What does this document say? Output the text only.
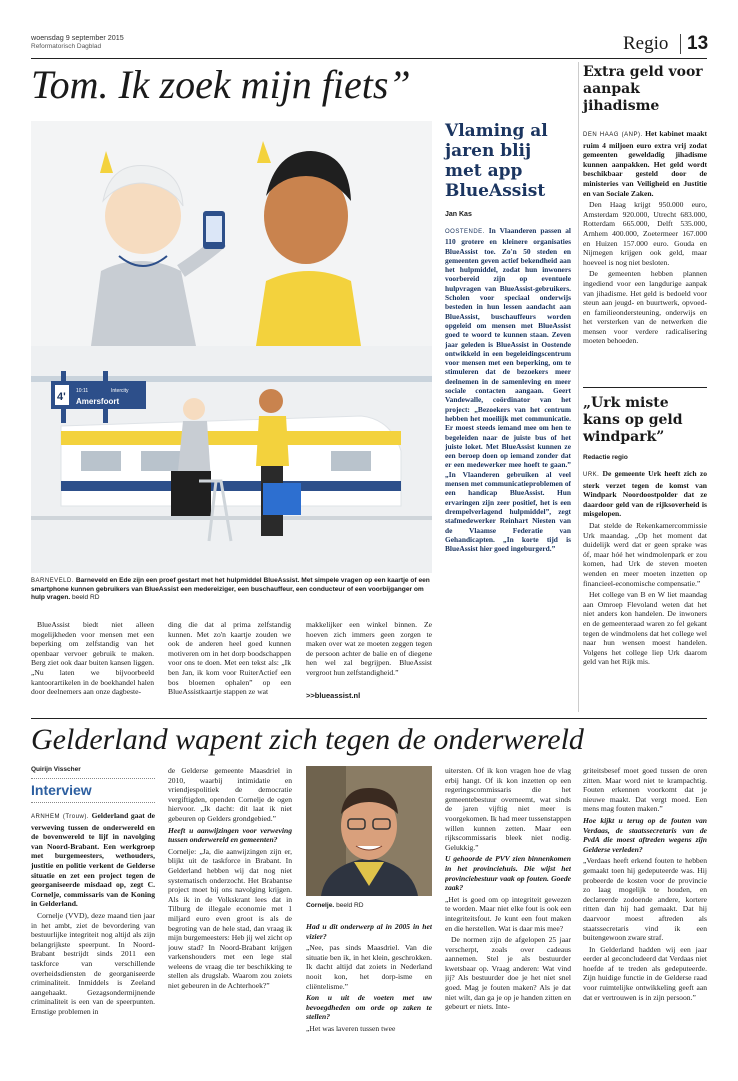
woensdag 9 september 2015
Reformatorisch Dagblad	Regio 13
Tom. Ik zoek mijn fiets”
4' 10:11	Intercity
Amersfoort
BARNEVELD. Barneveld en Ede zijn een proef gestart met het hulpmiddel BlueAssist. Met simpele vragen op een kaartje of een smartphone kunnen gebruikers van BlueAssist een medereiziger, een buschauffeur, een conducteur of een voorbijganger om hulp vragen. beeld RD

BlueAssist biedt niet alleen mogelijkheden voor mensen met een beperking om zelfstandig van het openbaar vervoer gebruik te maken. Berg ziet ook daar buiten kansen liggen. „Nu laten we bijvoorbeeld kantoorartikelen in de boekhandel halen door deelnemers aan onze dagbeste-

ding die dat al prima zelfstandig kunnen. Met zo'n kaartje zouden we ook de anderen heel goed kunnen motiveren om in het dorp boodschappen voor ons te doen. Met een tekst als: „Ik ben Jan, ik kom voor RuiterActief een bos bloemen ophalen” op een BlueAssistkaartje stappen ze wat

makkelijker een winkel binnen. Ze hoeven zich immers geen zorgen te maken over wat ze moeten zeggen tegen de persoon achter de balie en of diegene hen wel zal begrijpen. BlueAssist vergroot hun zelfstandigheid.”

>>blueassist.nl
Vlaming al jaren blij met app BlueAssist
Jan Kas
OOSTENDE. In Vlaanderen passen al 110 grotere en kleinere organisaties BlueAssist toe. Zo'n 50 steden en gemeenten geven actief bekendheid aan het hulpmiddel, zodat hun inwoners voorbereid zijn op eventuele hulpvragen van BlueAssist-gebruikers. Scholen voor speciaal onderwijs besteden in hun lessen aandacht aan BlueAssist, buschauffeurs worden opgeleid om mensen met BlueAssist goed te woord te kunnen staan. Zeven jaar geleden is BlueAssist in Oostende ontwikkeld in een begeleidingscentrum voor mensen met een beperking, om te stimuleren dat de bezoekers meer deelnemen in de samenleving en meer sociale contacten aangaan. Geert Vandewalle, coördinator van het project: „Bezoekers van het centrum hebben het moeilijk met communicatie. Er moest steeds iemand mee om hen te begeleiden naar de juiste bus of het juiste loket. Met BlueAssist kunnen ze een beroep doen op iemand zonder dat er een medewerker mee hoeft te gaan.” „In Vlaanderen gebruiken al veel mensen met communicatieproblemen of een handicap BlueAssist. Hun ervaringen zijn zeer positief, het is een drempelverlagend hulpmiddel”, zegt stafmedewerker Reinhart Niesten van de Vlaamse Federatie van Gehandicapten. „In korte tijd is BlueAssist hier goed ingeburgerd.”
Extra geld voor aanpak jihadisme

DEN HAAG (ANP). Het kabinet maakt ruim 4 miljoen euro extra vrij zodat gemeenten geweldadig jihadisme kunnen aanpakken. Het geld wordt beschikbaar gesteld door de ministeries van Veiligheid en Justitie en van Sociale Zaken.

Den Haag krijgt 950.000 euro, Amsterdam 920.000, Utrecht 683.000, Rotterdam 665.000, Delft 535.000, Arnhem 400.000, Zoetermeer 167.000 en Huizen 157.000 euro. Gouda en Nijmegen krijgen ook geld, maar hoeveel is nog niet besloten.

De gemeenten hebben plannen ingediend voor een langdurige aanpak van jihadisme. Het geld is bedoeld voor steun aan jeugd- en buurtwerk, opvoed- en familieondersteuning, onderwijs en het versterken van de netwerken die mensen voor verdere radicalisering moeten behoeden.

„Urk miste kans op geld windpark”
Redactie regio

URK. De gemeente Urk heeft zich zo sterk verzet tegen de komst van Windpark Noordoostpolder dat ze daardoor geld van de rijksoverheid is misgelopen.

Dat stelde de Rekenkamercommissie Urk maandag. „Op het moment dat duidelijk werd dat er geen sprake was óf, maar hóé het windmolenpark er zou komen, had Urk de steven moeten wenden en meer moeten inzetten op financieel-economische compensatie.”

Het college van B en W liet maandag aan Omroep Flevoland weten dat het niet anders kon handelen. De inwoners en de gemeenteraad waren zo fel gekant tegen de windmolens dat het college wel naar hun wensen moest handelen. Volgens het college liep Urk daarom geld van het Rijk mis.

Gelderland wapent zich tegen de onderwereld
Quirijn Visscher
Interview

ARNHEM (Trouw). Gelderland gaat de verweving tussen de onderwereld en de bovenwereld te lijf in navolging van Noord-Brabant. Een werkgroep met burgemeesters, wethouders, justitie en politie verkent de Gelderse situatie en zet een project tegen de georganiseerde misdaad op, zegt C. Cornelje, commissaris van de Koning in Gelderland.

Cornelje (VVD), deze maand tien jaar in het ambt, ziet de bevordering van bestuurlijke integriteit nog altijd als zijn belangrijkste speerpunt. In Noord-Brabant bestrijdt sinds 2011 een taskforce van verschillende overheidsdiensten de georganiseerde criminaliteit. Inmiddels is Zeeland aangehaakt. Gezagsondermijnende criminaliteit is een van de speerpunten. Ernstige problemen in

de Gelderse gemeente Maasdriel in 2010, waarbij intimidatie en vriendjespolitiek de democratie vergiftigden, openden Cornelje de ogen hiervoor. „Ik dacht: dit laat ik niet gebeuren op Gelders grondgebied.”

Heeft u aanwijzingen voor verweving tussen onderwereld en gemeenten?

Cornelje: „Ja, die aanwijzingen zijn er, blijkt uit de taskforce in Brabant. In Gelderland hebben wij dat nog niet systematisch onderzocht. Het Brabantse project moet bij ons navolging krijgen. Als ik in de Volkskrant lees dat in Tilburg de illegale economie met 1 miljard euro even groot is als de begroting van de hele stad, dan vraag ik mijn burgemeesters: Heb jij wel zicht op jouw stad? In Noord-Brabant krijgen varkenshouders met een lege stal weleens de vraag die ter beschikking te stellen als drugslab. Waarom zou zoiets niet gebeuren in de Achterhoek?”

Cornelje. beeld RD

Had u dit onderwerp al in 2005 in het vizier?

„Nee, pas sinds Maasdriel. Van die situatie ben ik, in het klein, geschrokken. Ik dacht altijd dat zoiets in Nederland nooit kon, het dorp-isme en cliëntelisme.”

Kon u uit de voeten met uw bevoegdheden om orde op zaken te stellen?

„Het was laveren tussen twee

uitersten. Of ik kon vragen hoe de vlag erbij hangt. Of ik kon inzetten op een regeringscommissaris die het gemeentebestuur overneemt, wat sinds de jaren vijftig niet meer is voorgekomen. Ik had meer tussenstappen willen kunnen zetten. Maar een rijkscommissaris bleek niet nodig. Gelukkig.”

U gehoorde de PVV zien binnenkomen in het provinciehuis. Die wijst het provinciebestuur vaak op fouten. Goede zaak?

„Het is goed om op integriteit gewezen te worden. Maar niet elke fout is ook een integriteitsfout. Je kunt een fout maken en die herstellen. Wat is daar mis mee?

De normen zijn de afgelopen 25 jaar verscherpt, zoals over cadeaus aannemen. Stel je als bestuurder kwetsbaar op. Vraag anderen: Wat vind jij? Als bestuurder doe je het niet snel goed. Mag je fouten maken? Als je dat niet wilt, dan ga je op je handen zitten en gebeurt er niets. Inte-

griteitsbesef moet goed tussen de oren zitten. Maar word niet te krampachtig. Fouten erkennen voorkomt dat je nieuwe maakt. Dat vergt moed. Een mens mag fouten maken.”

Hoe kijkt u terug op de fouten van Verdaas, de staatssecretaris van de PvdA die moest aftreden wegens zijn Gelderse verleden?

„Verdaas heeft erkend fouten te hebben gemaakt toen hij gedeputeerde was. Hij probeerde de kosten voor de provincie zo laag mogelijk te houden, en declareerde zodoende andere, kortere ritten dan hij had gemaakt. Dat hij daarvoor moest aftreden als staatssecretaris vind ik een buitengewoon zware straf.

In Gelderland hadden wij een jaar eerder al geconcludeerd dat Verdaas niet hoefde af te treden als gedeputeerde. Zijn huidige functie in de Gelderse raad voor ruimtelijke ontwikkeling geeft aan dat er vertrouwen is in zijn persoon.”
